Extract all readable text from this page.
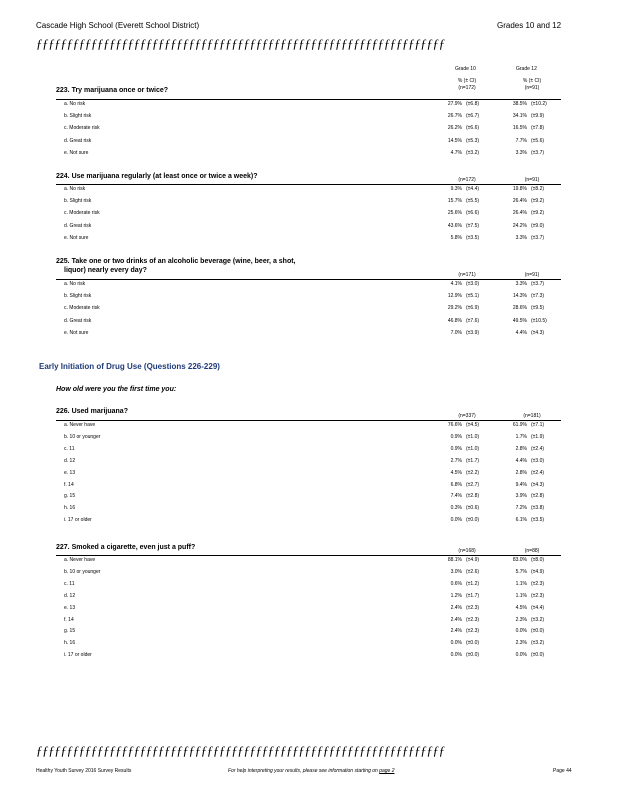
Cascade High School (Everett School District)	Grades 10 and 12
ƒƒƒƒƒƒƒƒƒƒƒƒƒƒƒƒƒƒƒƒƒƒƒƒƒƒƒƒƒƒƒƒƒƒƒƒƒƒƒƒƒƒƒƒƒƒƒƒƒƒƒƒƒƒƒƒƒƒƒƒƒƒƒƒƒƒƒ
Grade 10	Grade 12
223. Try marijuana once or twice?
% (± CI)	% (± CI)
(n=172)	(n=91)
a. No risk	27.9% (±6.8)	38.5% (±10.2)
b. Slight risk	26.7% (±6.7)	34.1% (±9.9)
c. Moderate risk	26.2% (±6.6)	16.5% (±7.8)
d. Great risk	14.5% (±5.3)	7.7% (±5.6)
e. Not sure	4.7% (±3.2)	3.3% (±3.7)
224. Use marijuana regularly (at least once or twice a week)?	(n=172)	(n=91)
a. No risk	9.3% (±4.4)	19.8% (±8.2)
b. Slight risk	15.7% (±5.5)	26.4% (±9.2)
c. Moderate risk	25.6% (±6.6)	26.4% (±9.2)
d. Great risk	43.6% (±7.5)	24.2% (±9.0)
e. Not sure	5.8% (±3.5)	3.3% (±3.7)
225. Take one or two drinks of an alcoholic beverage (wine, beer, a shot,
liquor) nearly every day?
(n=171)	(n=91)
a. No risk	4.1% (±3.0)	3.3% (±3.7)
b. Slight risk	12.9% (±5.1)	14.3% (±7.3)
c. Moderate risk	29.2% (±6.9)	28.6% (±9.5)
d. Great risk	46.8% (±7.6)	49.5% (±10.5)
e. Not sure	7.0% (±3.9)	4.4% (±4.3)
226. Used marijuana?
(n=337)	(n=181)
a. Never have	76.6% (±4.5)	61.9% (±7.1)
b. 10 or younger	0.9% (±1.0)	1.7% (±1.9)
c. 11	0.9% (±1.0)	2.8% (±2.4)
d. 12	2.7% (±1.7)	4.4% (±3.0)
e. 13	4.5% (±2.2)	2.8% (±2.4)
f. 14	6.8% (±2.7)	9.4% (±4.3)
g. 15	7.4% (±2.8)	3.9% (±2.8)
h. 16	0.3% (±0.6)	7.2% (±3.8)
i. 17 or older	0.0% (±0.0)	6.1% (±3.5)
227. Smoked a cigarette, even just a puff?	(n=168)	(n=88)
a. Never have	88.1% (±4.9)	83.0% (±8.0)
b. 10 or younger	3.0% (±2.6)	5.7% (±4.9)
c. 11	0.6% (±1.2)	1.1% (±2.3)
d. 12	1.2% (±1.7)	1.1% (±2.3)
e. 13	2.4% (±2.3)	4.5% (±4.4)
f. 14	2.4% (±2.3)	2.3% (±3.2)
g. 15	2.4% (±2.3)	0.0% (±0.0)
h. 16	0.0% (±0.0)	2.3% (±3.2)
i. 17 or older	0.0% (±0.0)	0.0% (±0.0)
Early Initiation of Drug Use (Questions 226-229)
How old were you the first time you:
ƒƒƒƒƒƒƒƒƒƒƒƒƒƒƒƒƒƒƒƒƒƒƒƒƒƒƒƒƒƒƒƒƒƒƒƒƒƒƒƒƒƒƒƒƒƒƒƒƒƒƒƒƒƒƒƒƒƒƒƒƒƒƒƒƒƒƒ
Healthy Youth Survey 2016 Survey Results	For help interpreting your results, please see information starting on page 2	Page 44
